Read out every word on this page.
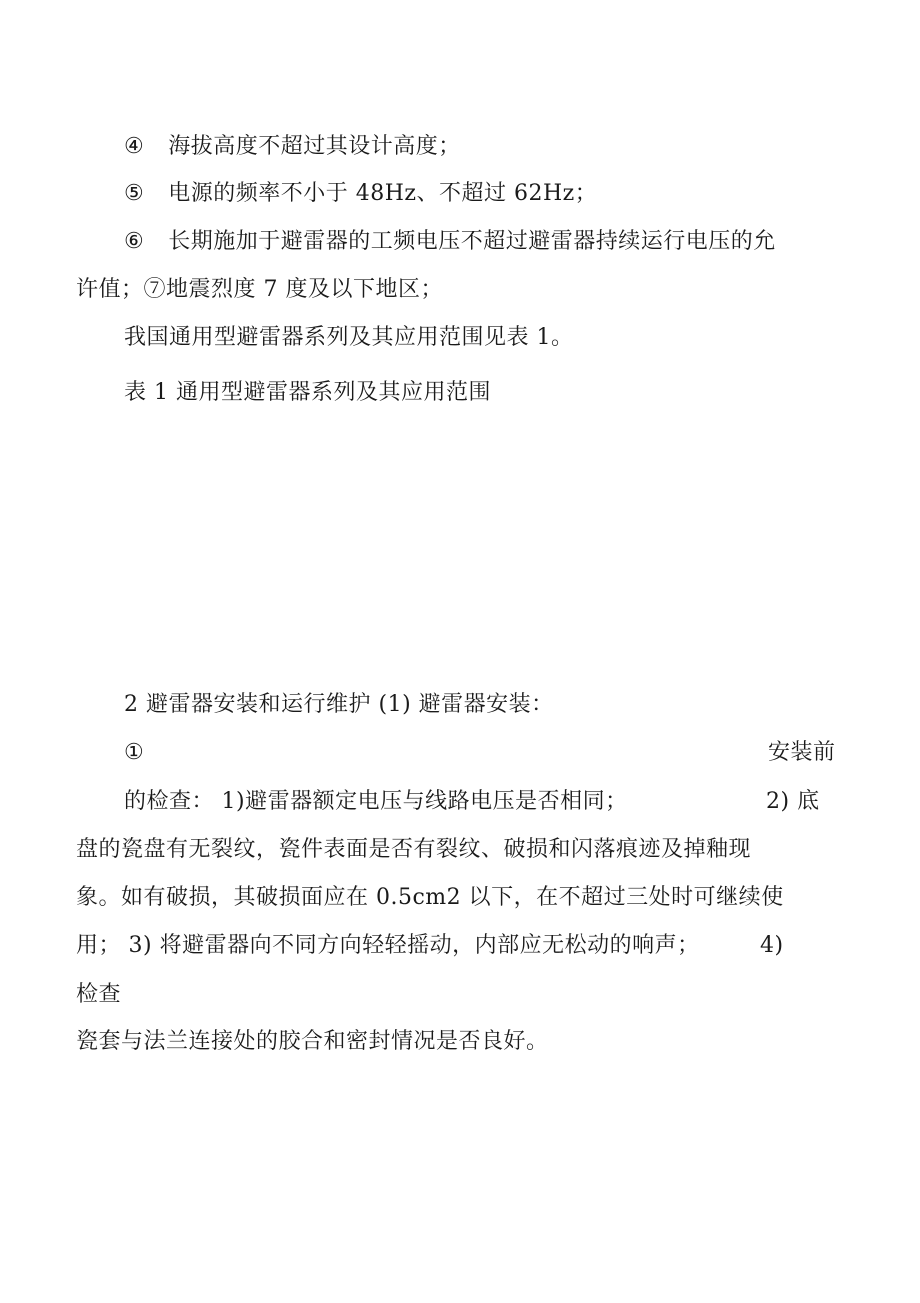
④ 海拔高度不超过其设计高度；
⑤ 电源的频率不小于 48Hz、不超过 62Hz；
⑥ 长期施加于避雷器的工频电压不超过避雷器持续运行电压的允
许值；⑦地震烈度 7 度及以下地区；
我国通用型避雷器系列及其应用范围见表 1。
表 1 通用型避雷器系列及其应用范围
2 避雷器安装和运行维护 (1) 避雷器安装：
①	安装前
的检查： 1)避雷器额定电压与线路电压是否相同；	2) 底
盘的瓷盘有无裂纹，瓷件表面是否有裂纹、破损和闪落痕迹及掉釉现
象。如有破损，其破损面应在 0.5cm2 以下，在不超过三处时可继续使
用； 3) 将避雷器向不同方向轻轻摇动，内部应无松动的响声；	4)
检查
瓷套与法兰连接处的胶合和密封情况是否良好。
